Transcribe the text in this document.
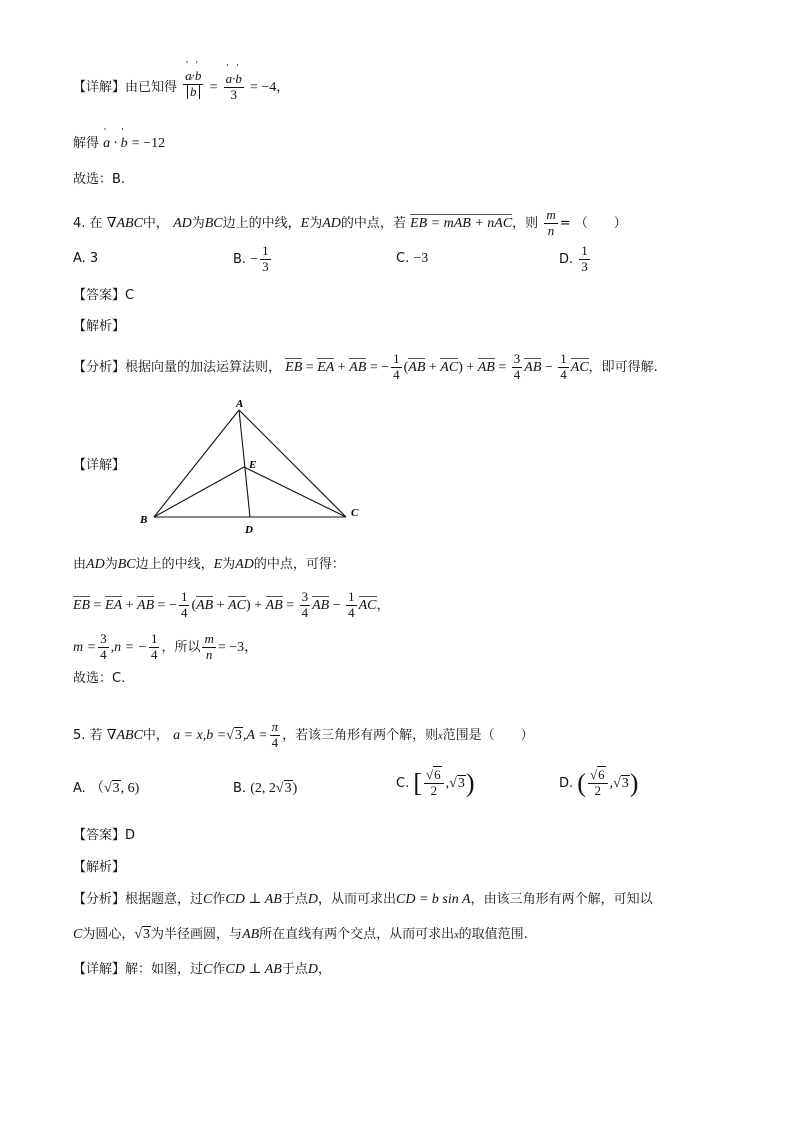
【详解】由已知得 ' a·' b
' b = ' $\frac{a\cdot' b}{3} = -4$，
解得 ' a · ' b = −12
故选：B.
4. 在 ∇ABC中， AD为BC边上的中线，E为AD的中点，若 EB = mAB + nAC，则 $\frac{m}{n}$ = （　　）
A. 3	B. − $\frac{1}{3}$	C. −3	D. $\frac{1}{3}$
【答案】C
【解析】
【分析】根据向量的加法运算法则， EB = EA + AB = − $\frac{1}{4} (AB + AC)$ + AB = $\frac{3}{4}$ AB − $\frac{1}{4}$ AC，即可得解.
【详解】
A
B
C
D
E
由AD为BC边上的中线，E为AD的中点，可得：
EB = EA + AB = − $\frac{1}{4} (AB + AC)$ + AB = $\frac{3}{4}$ AB − $\frac{1}{4}$ AC，
$m = \frac{3}{4} ,n$ = − $\frac{1}{4}$ ，所以 $\frac{m}{n} = -3$，
故选：C.
5. 若 ∇ABC中， $a = x,b =√3,A = \frac{\pi}{4}$ ，若该三角形有两个解，则x范围是（　　）
A. （√3, 6)	B. (2, 2√3)	C. [ $\frac{√6}{2} ,√3$)	D. ( $\frac{√6}{2} ,√3$)
【答案】D
【解析】
【分析】根据题意，过C作CD ⊥ AB于点D，从而可求出CD = b sin A，由该三角形有两个解，可知以
C为圆心，√3为半径画圆，与AB所在直线有两个交点，从而可求出x的取值范围.
【详解】解：如图，过C作CD ⊥ AB于点D，
